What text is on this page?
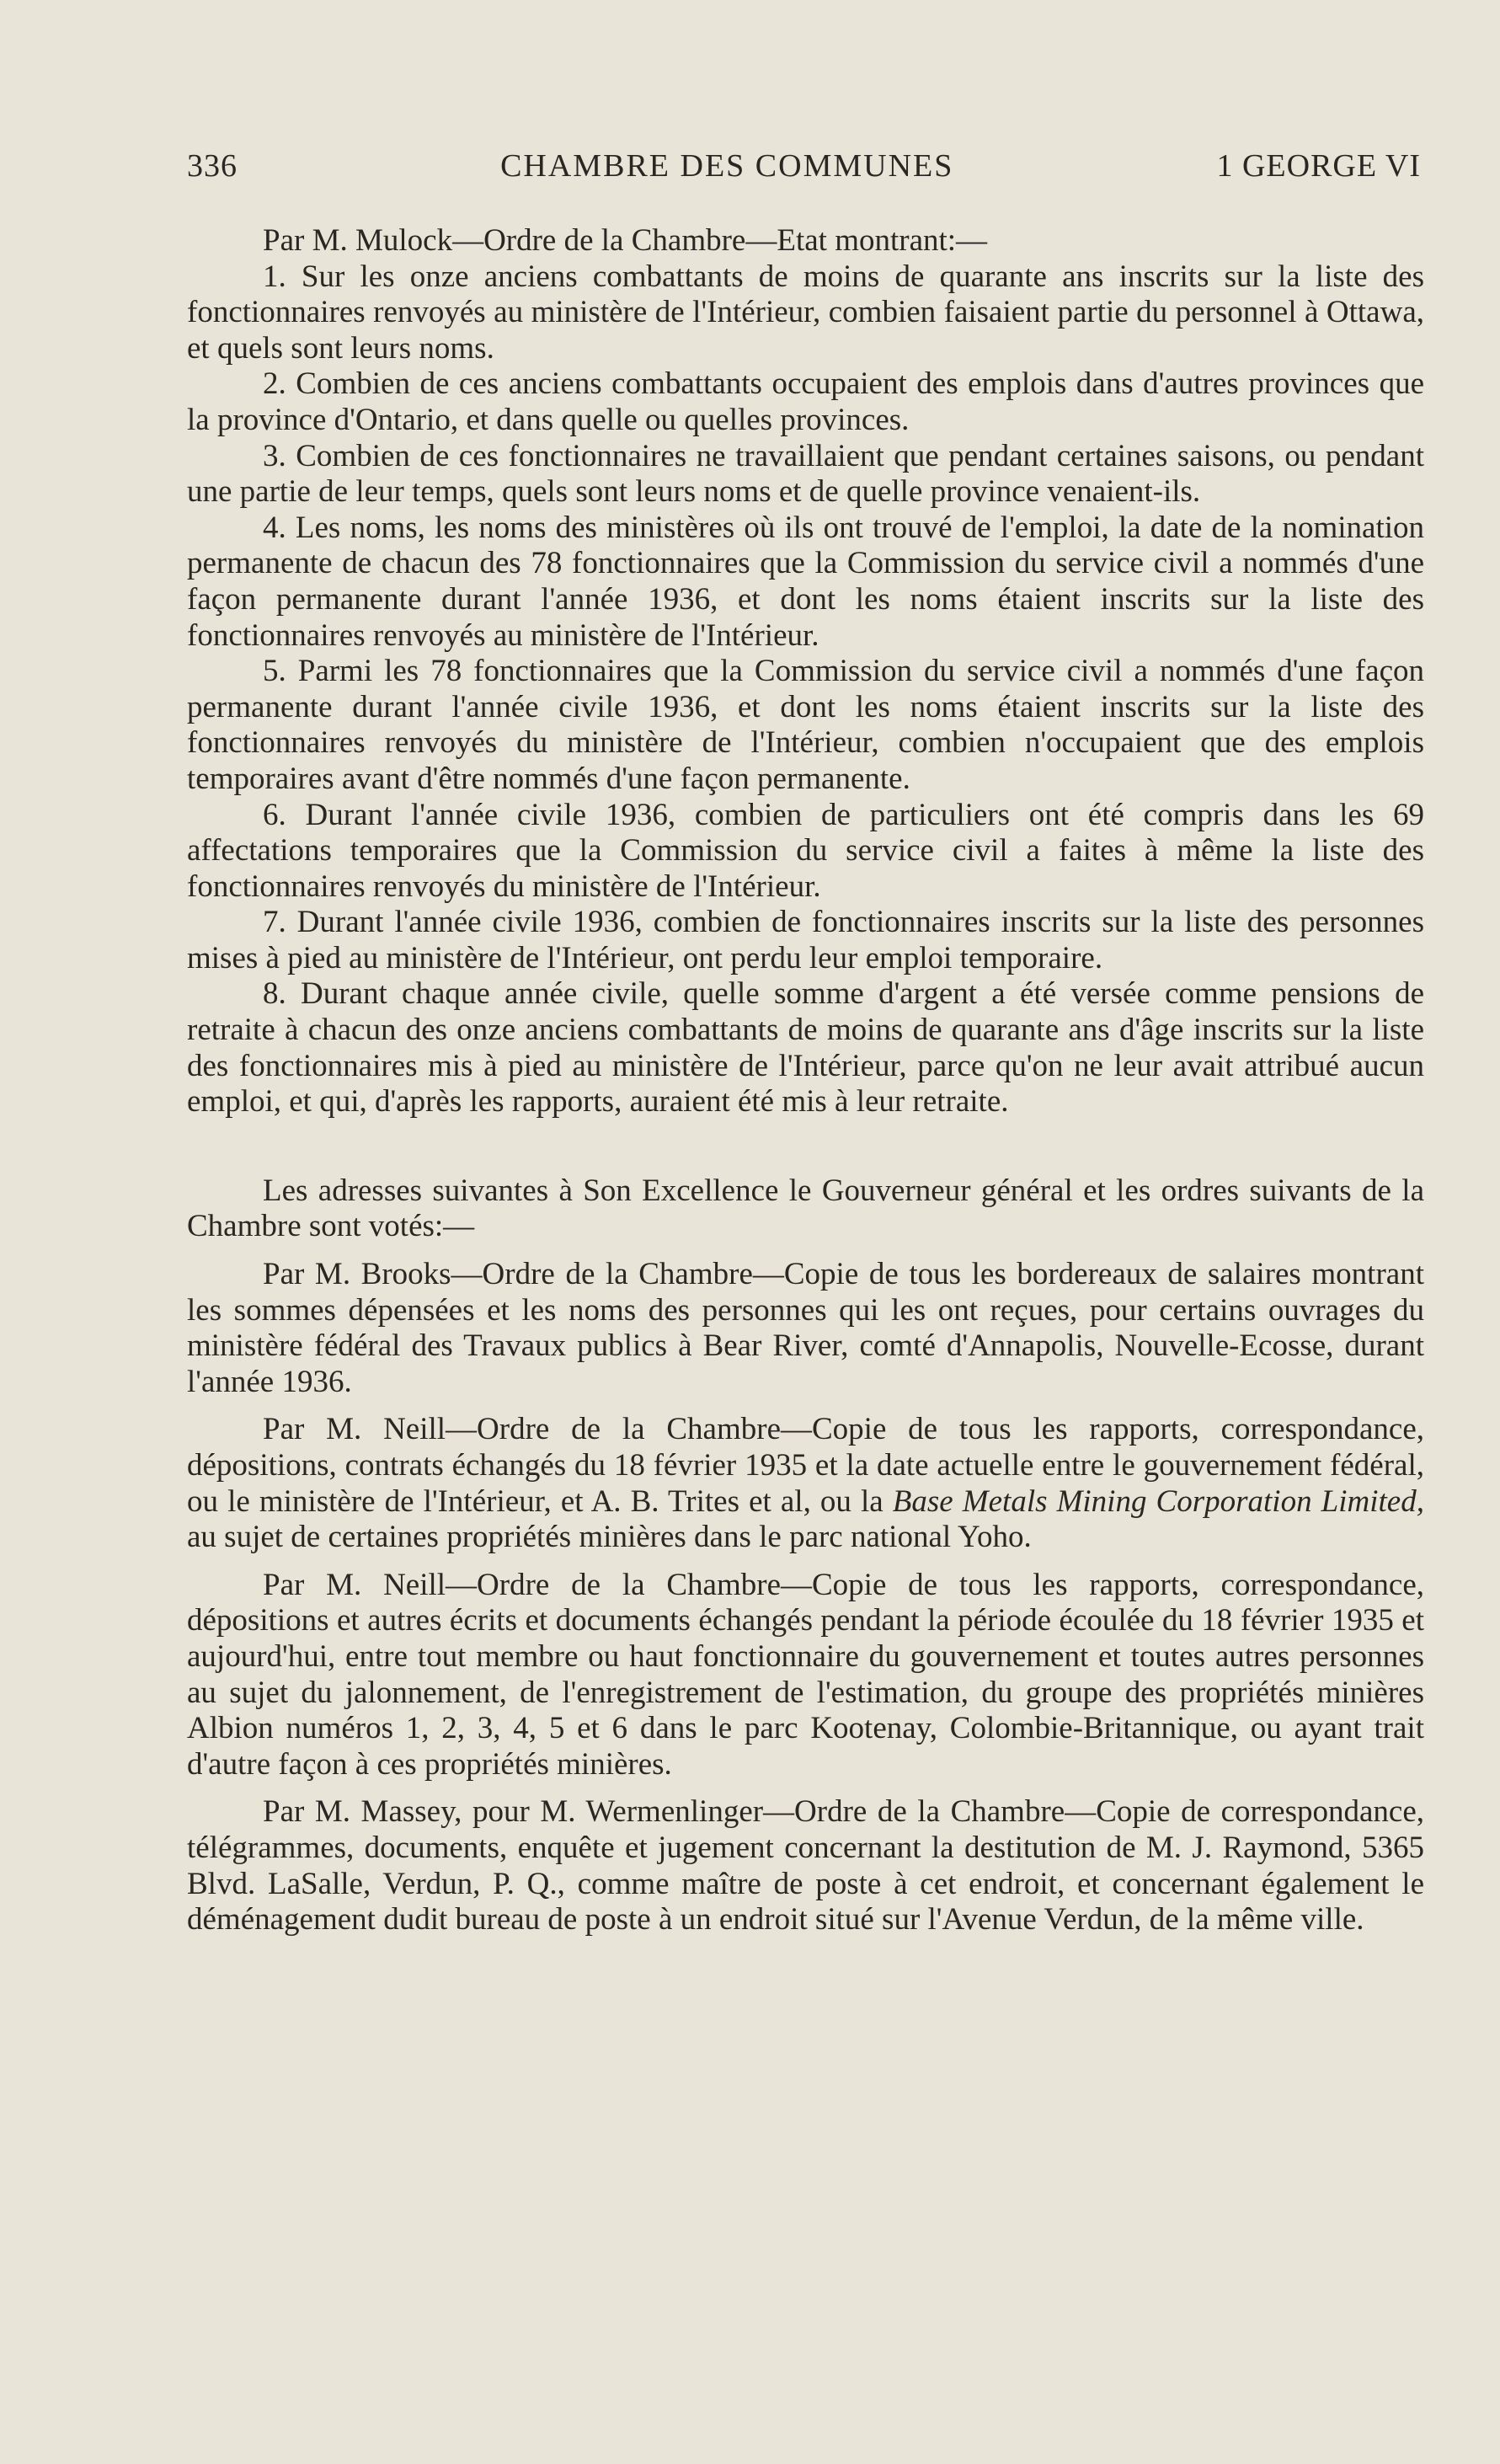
336	CHAMBRE DES COMMUNES	1 GEORGE VI

Par M. Mulock—Ordre de la Chambre—Etat montrant:—

1. Sur les onze anciens combattants de moins de quarante ans inscrits sur la liste des fonctionnaires renvoyés au ministère de l'Intérieur, combien faisaient partie du personnel à Ottawa, et quels sont leurs noms.

2. Combien de ces anciens combattants occupaient des emplois dans d'autres provinces que la province d'Ontario, et dans quelle ou quelles provinces.

3. Combien de ces fonctionnaires ne travaillaient que pendant certaines saisons, ou pendant une partie de leur temps, quels sont leurs noms et de quelle province venaient-ils.

4. Les noms, les noms des ministères où ils ont trouvé de l'emploi, la date de la nomination permanente de chacun des 78 fonctionnaires que la Commission du service civil a nommés d'une façon permanente durant l'année 1936, et dont les noms étaient inscrits sur la liste des fonctionnaires renvoyés au ministère de l'Intérieur.

5. Parmi les 78 fonctionnaires que la Commission du service civil a nommés d'une façon permanente durant l'année civile 1936, et dont les noms étaient inscrits sur la liste des fonctionnaires renvoyés du ministère de l'Intérieur, combien n'occupaient que des emplois temporaires avant d'être nommés d'une façon permanente.

6. Durant l'année civile 1936, combien de particuliers ont été compris dans les 69 affectations temporaires que la Commission du service civil a faites à même la liste des fonctionnaires renvoyés du ministère de l'Intérieur.

7. Durant l'année civile 1936, combien de fonctionnaires inscrits sur la liste des personnes mises à pied au ministère de l'Intérieur, ont perdu leur emploi temporaire.

8. Durant chaque année civile, quelle somme d'argent a été versée comme pensions de retraite à chacun des onze anciens combattants de moins de quarante ans d'âge inscrits sur la liste des fonctionnaires mis à pied au ministère de l'Intérieur, parce qu'on ne leur avait attribué aucun emploi, et qui, d'après les rapports, auraient été mis à leur retraite.

Les adresses suivantes à Son Excellence le Gouverneur général et les ordres suivants de la Chambre sont votés:—

Par M. Brooks—Ordre de la Chambre—Copie de tous les bordereaux de salaires montrant les sommes dépensées et les noms des personnes qui les ont reçues, pour certains ouvrages du ministère fédéral des Travaux publics à Bear River, comté d'Annapolis, Nouvelle-Ecosse, durant l'année 1936.

Par M. Neill—Ordre de la Chambre—Copie de tous les rapports, correspondance, dépositions, contrats échangés du 18 février 1935 et la date actuelle entre le gouvernement fédéral, ou le ministère de l'Intérieur, et A. B. Trites et al, ou la Base Metals Mining Corporation Limited, au sujet de certaines propriétés minières dans le parc national Yoho.

Par M. Neill—Ordre de la Chambre—Copie de tous les rapports, correspondance, dépositions et autres écrits et documents échangés pendant la période écoulée du 18 février 1935 et aujourd'hui, entre tout membre ou haut fonctionnaire du gouvernement et toutes autres personnes au sujet du jalonnement, de l'enregistrement de l'estimation, du groupe des propriétés minières Albion numéros 1, 2, 3, 4, 5 et 6 dans le parc Kootenay, Colombie-Britannique, ou ayant trait d'autre façon à ces propriétés minières.

Par M. Massey, pour M. Wermenlinger—Ordre de la Chambre—Copie de correspondance, télégrammes, documents, enquête et jugement concernant la destitution de M. J. Raymond, 5365 Blvd. LaSalle, Verdun, P. Q., comme maître de poste à cet endroit, et concernant également le déménagement dudit bureau de poste à un endroit situé sur l'Avenue Verdun, de la même ville.
